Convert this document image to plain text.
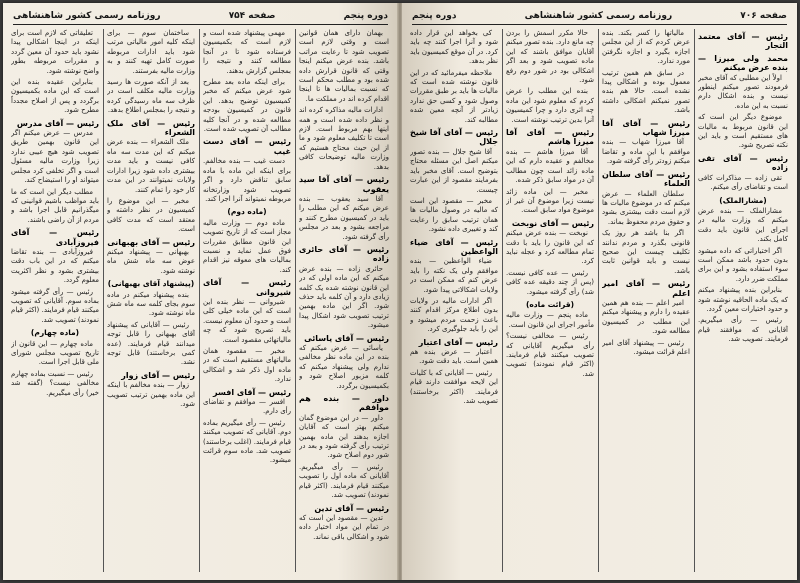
دوره پنجم
صفحه ۷۵۴
روزنامه رسمی کشور شاهنشاهی

تعلیقاتی که لازم است برای اینکه در اینجا اشکالی پیدا نشود باید حدود آن معین گردد و مقررات مربوطه بطور واضح نوشته شود.

بنابراین عقیده بنده این است که این ماده بکمیسیون برگردد و پس از اصلاح مجدداً مطرح شود.

رئیس — آقای مدرس

مدرس — عرض میکنم اگر این قانون بهمین طریق تصویب شود هیچ عیبی ندارد زیرا وزارت مالیه مسئول است و اگر تخلفی کرد مجلس میتواند او را استیضاح کند.

مطلب دیگر این است که ما باید مواظب باشیم قوانینی که میگذرانیم قابل اجرا باشد و مردم از آن راضی باشند.

رئیس — آقای فیروزآبادی

فیروزآبادی — بنده تقاضا میکنم که در این باب دقت بیشتری بشود و نظر اکثریت معلوم گردد.

رئیس — رأی گرفته میشود بماده سوم. آقایانی که تصویب میکنند قیام فرمایند. (اکثر قیام نمودند) تصویب شد.

(ماده چهارم)

ماده چهارم — این قانون از تاریخ تصویب مجلس شورای ملی قابل اجرا است.

رئیس — نسبت بماده چهارم مخالفی نیست؟ (گفته شد خیر) رأی میگیریم.

ساختمان سوم — برای اینکه کلیه امور مالیاتی مرتب شود باید ادارات مربوطه صورت کامل تهیه کنند و به وزارت مالیه بفرستند.

بعد از آنکه صورت ها رسید وزارت مالیه مکلف است در ظرف سه ماه رسیدگی کرده و نتیجه را بمجلس اطلاع بدهد.

رئیس — آقای ملک الشعراء

ملک الشعراء — بنده عرض میکنم که این مدت سه ماه کافی نیست و باید مدت بیشتری داده شود زیرا ادارات ولایات نمیتوانند در این مدت کار خود را تمام کنند.

مخبر — این موضوع را کمیسیون در نظر داشته و معتقد است که مدت کافی است.

رئیس — آقای بهبهانی

بهبهانی — پیشنهاد میکنم عوض سه ماه شش ماه نوشته شود.

(پیشنهاد آقای بهبهانی)

بنده پیشنهاد میکنم در ماده سوم بجای کلمه سه ماه شش ماه نوشته شود.

رئیس — آقایانی که پیشنهاد آقای بهبهانی را قابل توجه میدانند قیام فرمایند. (عده کمی برخاستند) قابل توجه نشد.

رئیس — آقای زوار

زوار — بنده مخالفم با اینکه این ماده بهمین ترتیب تصویب شود.

مهمی پیشنهاد شده است و لازم است که بکمیسیون فرستاده شود تا در آنجا مطالعه کنند و نتیجه را بمجلس گزارش بدهند.

برای اینکه ماده بعد مطرح شود عرض میکنم که مخبر کمیسیون توضیح بدهد. این قانون در کمیسیون بودجه مطالعه شده و در آنجا کلیه مطالب آن تصویب شده است.

رئیس — آقای دست غیب

دست غیب — بنده مخالفم. برای اینکه این ماده با ماده سابق تناقض دارد و اگر تصویب شود وزارتخانه مربوطه نمیتواند آنرا اجرا کند.

(ماده دوم)

ماده دوم — وزارت مالیه مجاز است که از تاریخ تصویب این قانون مطابق مقررات فوق عمل نماید و نسبت بمالیات های معوقه نیز اقدام کند.

رئیس — آقای شیروانی

شیروانی — نظر بنده این است که این ماده خیلی کلی است و حدود آن معلوم نیست. باید تصریح شود که چه مالیاتهائی مقصود است.

مخبر — مقصود همان مالیاتهای مستقیم است که در ماده اول ذکر شد و اشکالی ندارد.

رئیس — آقای افسر

افسر — موافقم و تقاضای رأی دارم.

رئیس — رأی میگیریم بماده دوم. آقایانی که تصویب میکنند قیام فرمایند. (اغلب برخاستند) تصویب شد. ماده سوم قرائت میشود.

بهمان دارای همان قوانین است و وقتی لازم است تصویب شود تا رعایت مراتب باشد. بنده عرض میکنم اینجا وقتی که قانون قرارش داده شده بود و مطلب محکم است که نسبت بمالیات ها تا اینجا اقدام کرده اند در مملکت ما.

ادارات مالیه مذاکره کرده اند و نظر داده شده است و همه اینها بهم مربوط است. لازم است تا تکلیف معلوم شود و ما از این حیث محتاج هستیم که وزارت مالیه توضیحات کافی بدهد.

رئیس — آقای آقا سید یعقوب

آقا سید یعقوب — بنده عرض میکنم که این مطلب را باید در کمیسیون مطرح کنند و مراجعه بشود و بعد در مجلس رأی گرفته شود.

رئیس — آقای حائری زاده

حائری زاده — بنده عرض میکنم که این ماده اولی که در این قانون نوشته شده یک کلمه زیادی دارد و آن کلمه باید حذف شود. اگر این ماده بهمین ترتیب تصویب شود اشکال پیدا میشود.

رئیس — آقای یاسائی

یاسائی — عرض میکنم که بنده در این ماده نظر مخالفی ندارم ولی پیشنهاد میکنم که کلمه مزبور اصلاح شود و بکمیسیون برگردد.

داور — بنده هم موافقم

داور — در این موضوع گمان میکنم بهتر است که آقایان اجازه بدهند این ماده بهمین ترتیب رأی گرفته شود و بعد در شور دوم اصلاح شود.

رئیس — رأی میگیریم. آقایانی که ماده اول را تصویب میکنند قیام فرمایند. (اکثر قیام نمودند) تصویب شد.

رئیس — آقای تدین

تدین — مقصود این است که در تمام این مواد اختیار داده شود و اشکالی باقی نماند.

صفحه ۷۰۶
روزنامه رسمی کشور شاهنشاهی
دوره پنجم

کی بخواهد این قرار داده شود و آنرا اجرا کنند چه باید کرد. در آن موقع کمیسیون باید نظر بدهد.

ملاحظه میفرمائید که در این قانون نوشته شده است که مالیات ها باید بر طبق مقررات وصول شود و کسی حق ندارد زیادتر از آنچه معین شده مطالبه کند.

رئیس — آقای آقا شیخ جلال

آقا شیخ جلال — بنده تصور میکنم اصل این مسئله محتاج بتوضیح است. آقای مخبر باید بفرمایند مقصود از این عبارت چیست.

مخبر — مقصود این است که مالیه در وصول مالیات ها همان ترتیب سابق را رعایت کند و تغییری داده نشود.

رئیس — آقای ضیاء الواعظین

ضیاء الواعظین — بنده موافقم ولی یک نکته را باید عرض کنم که ممکن است در ولایات اشکالاتی پیدا شود.

اگر ادارات مالیه در ولایات بدون اطلاع مرکز اقدام کنند باعث زحمت مردم میشود و این را باید جلوگیری کرد.

رئیس — آقای اعتبار

اعتبار — عرض بنده هم همین است. باید دقت شود.

رئیس — آقایانی که با کلیات این لایحه موافقت دارند قیام فرمایند. (اکثر برخاستند) تصویب شد.

حالا مکرر اسمش را بردن چه مانع دارد. بنده تصور میکنم آقایان موافق باشند که این ماده تصویب شود و بعد اگر اشکالی بود در شور دوم رفع شود.

بنده این مطلب را عرض کردم که معلوم شود این ماده چه اثری دارد و چرا کمیسیون آنرا بدین ترتیب نوشته است.

رئیس — آقای آقا میرزا هاشم

آقا میرزا هاشم — بنده مخالفم و عقیده دارم که این ماده زائد است چون مطالب آن در مواد سابق ذکر شده.

مخبر — این ماده زائد نیست زیرا موضوع آن غیر از موضوع مواد سابق است.

رئیس — آقای نوبخت

نوبخت — بنده عرض میکنم که این قانون را باید با دقت تمام مطالعه کرد و عجله نباید کرد.

رئیس — عده کافی نیست. (پس از چند دقیقه عده کافی شد) رأی گرفته میشود.

(قرائت ماده)

ماده پنجم — وزارت مالیه مأمور اجرای این قانون است.

رئیس — مخالفی نیست؟ رأی میگیریم آقایانی که تصویب میکنند قیام فرمایند. (اکثر قیام نمودند) تصویب شد.

مالیاتها را کسر بکند. بنده عرض کردم که از این مجلس اجازه بگیرد و اجازه نگرفتن مورد ندارد.

در سابق هم همین ترتیب معمول بوده و اشکالی پیدا نشده است. حالا هم بنده تصور نمیکنم اشکالی داشته باشد.

رئیس — آقای آقا میرزا شهاب

آقا میرزا شهاب — بنده موافقم با این ماده و تقاضا میکنم زودتر رأی گرفته شود.

رئیس — آقای سلطان العلماء

سلطان العلماء — عرض میکنم که در موضوع مالیات ها لازم است دقت بیشتری بشود و حقوق مردم محفوظ بماند.

اگر بنا باشد هر روز یک قانونی بگذرد و مردم ندانند تکلیف چیست این صحیح نیست و باید قوانین ثابت باشد.

رئیس — آقای امیر اعلم

امیر اعلم — بنده هم همین عقیده را دارم و پیشنهاد میکنم این مطلب در کمیسیون مطالعه شود.

رئیس — پیشنهاد آقای امیر اعلم قرائت میشود.

رئیس — آقای معتمد التجار
محمد ولی میرزا — بنده عرض میکنم

اولاً این مطلبی که آقای مخبر فرمودند تصور میکنم اینطور نیست و بنده اشکال دارم نسبت به این ماده.

موضوع دیگر این است که این قانون مربوط به مالیات های مستقیم است و باید این نکته تصریح شود.

رئیس — آقای تقی زاده

تقی زاده — مذاکرات کافی است و تقاضای رأی میکنم.

(مشارالملک)

مشارالملک — بنده عرض میکنم که وزارت مالیه در اجرای این قانون باید دقت کامل بکند.

اگر اختیاراتی که داده میشود بدون حدود باشد ممکن است سوء استفاده بشود و این برای مملکت ضرر دارد.

بنابراین بنده پیشنهاد میکنم که یک ماده الحاقیه نوشته شود و حدود اختیارات معین گردد.

رئیس — رأی میگیریم. آقایانی که موافقند قیام فرمایند. تصویب شد.
